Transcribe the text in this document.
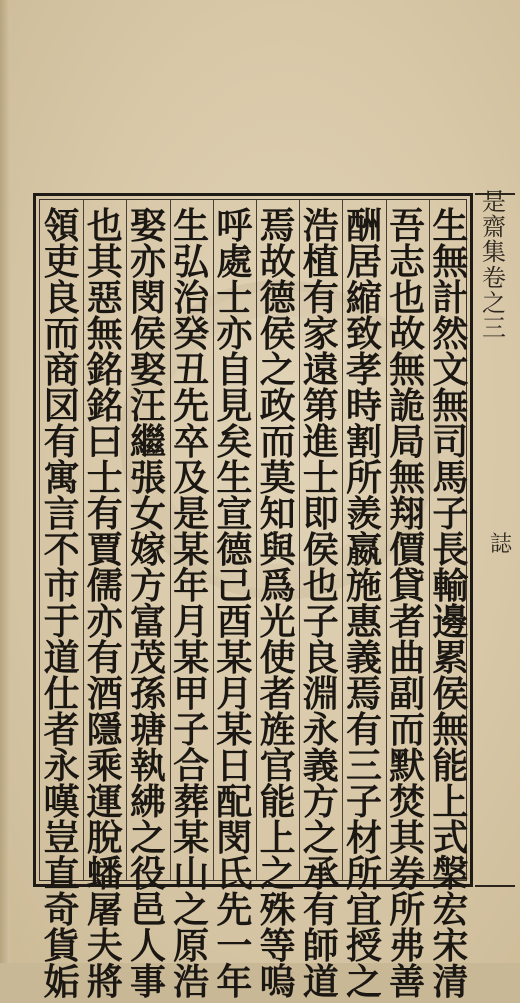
是
齋
集
卷
之
三
誌
生
無
計
然
文
無
司
馬
子
長
輸
邊
累
侯
無
能
上
式
槃
宏
宋
清
吾
志
也
故
無
詭
局
無
翔
價
貸
者
曲
副
而
默
焚
其
券
所
弗
善
酬
居
縮
致
孝
時
割
所
羨
嬴
施
惠
義
焉
有
三
子
材
所
宜
授
之
浩
植
有
家
遠
第
進
士
即
侯
也
子
良
淵
永
義
方
之
承
有
師
道
焉
故
德
侯
之
政
而
莫
知
與
爲
光
使
者
旌
官
能
上
之
殊
等
嗚
呼
處
士
亦
自
見
矣
生
宣
德
己
酉
某
月
某
日
配
閔
氏
先
一
年
生
弘
治
癸
丑
先
卒
及
是
某
年
月
某
甲
子
合
葬
某
山
之
原
浩
娶
亦
閔
侯
娶
汪
繼
張
女
嫁
方
富
茂
孫
瑭
執
紼
之
役
邑
人
事
也
其
惡
無
銘
銘
曰
士
有
賈
儒
亦
有
酒
隱
乘
運
脫
蟠
屠
夫
將
領
吏
良
而
商
㘝
有
寓
言
不
市
于
道
仕
者
永
嘆
豈
直
奇
貨
姤
